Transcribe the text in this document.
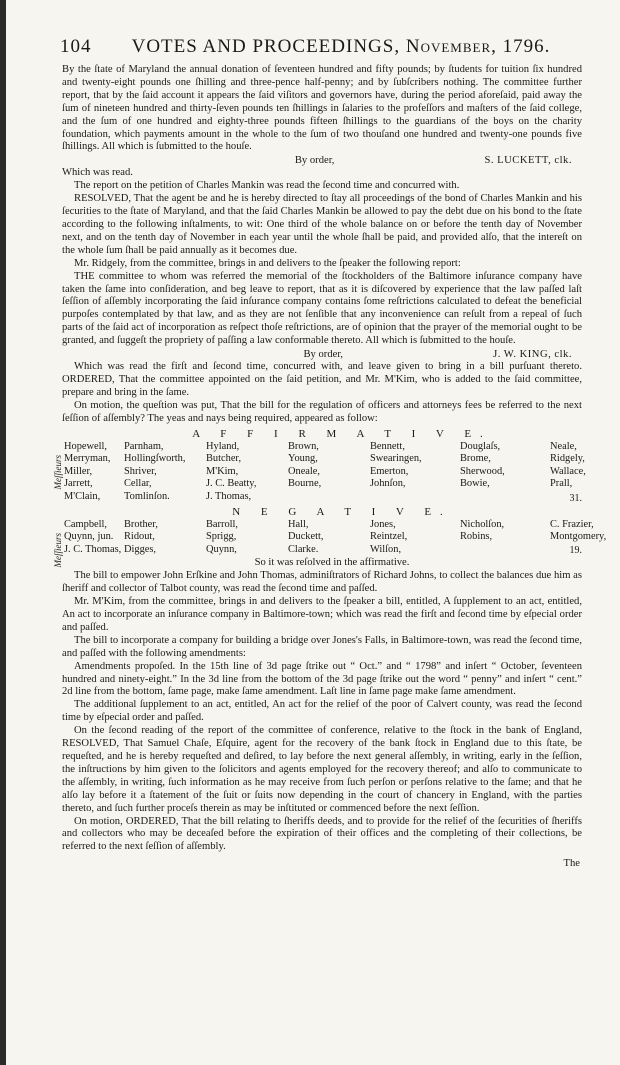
104	VOTES AND PROCEEDINGS, November, 1796.

By the ſtate of Maryland the annual donation of ſeventeen hundred and fifty pounds; by ſtudents for tuition ſix hundred and twenty-eight pounds one ſhilling and three-pence half-penny; and by ſubſcribers nothing. The committee further report, that by the ſaid account it appears the ſaid viſitors and governors have, during the period aforeſaid, paid away the ſum of nineteen hundred and thirty-ſeven pounds ten ſhillings in ſalaries to the profeſſors and maſters of the ſaid college, and the ſum of one hundred and eighty-three pounds fifteen ſhillings to the guardians of the boys on the charity foundation, which payments amount in the whole to the ſum of two thouſand one hundred and twenty-one pounds five ſhillings. All which is ſubmitted to the houſe.

By order,	S. LUCKETT, clk.

Which was read.

The report on the petition of Charles Mankin was read the ſecond time and concurred with.

RESOLVED, That the agent be and he is hereby directed to ſtay all proceedings of the bond of Charles Mankin and his ſecurities to the ſtate of Maryland, and that the ſaid Charles Mankin be allowed to pay the debt due on his bond to the ſtate according to the following inſtalments, to wit: One third of the whole balance on or before the tenth day of November next, and on the tenth day of November in each year until the whole ſhall be paid, and provided alſo, that the intereſt on the whole ſum ſhall be paid annually as it becomes due.

Mr. Ridgely, from the committee, brings in and delivers to the ſpeaker the following report:

THE committee to whom was referred the memorial of the ſtockholders of the Baltimore inſurance company have taken the ſame into conſideration, and beg leave to report, that as it is diſcovered by experience that the law paſſed laſt ſeſſion of aſſembly incorporating the ſaid inſurance company contains ſome reſtrictions calculated to defeat the beneficial purpoſes contemplated by that law, and as they are not ſenſible that any inconvenience can reſult from a repeal of ſuch parts of the ſaid act of incorporation as reſpect thoſe reſtrictions, are of opinion that the prayer of the memorial ought to be granted, and ſuggeſt the propriety of paſſing a law conformable thereto. All which is ſubmitted to the houſe.

By order,	J. W. KING, clk.

Which was read the firſt and ſecond time, concurred with, and leave given to bring in a bill purſuant thereto. ORDERED, That the committee appointed on the ſaid petition, and Mr. M'Kim, who is added to the ſaid committee, prepare and bring in the ſame.

On motion, the queſtion was put, That the bill for the regulation of officers and attorneys fees be referred to the next ſeſſion of aſſembly? The yeas and nays being required, appeared as follow:

A F F I R M A T I V E.
Meſſieurs
31.
Hopewell,	Parnham,	Hyland,	Brown,	Bennett,	Douglaſs,	Neale,
Merryman,	Hollingſworth,	Butcher,	Young,	Swearingen,	Brome,	Ridgely,
Miller,	Shriver,	M'Kim,	Oneale,	Emerton,	Sherwood,	Wallace,
Jarrett,	Cellar,	J. C. Beatty,	Bourne,	Johnſon,	Bowie,	Prall,
M'Clain,	Tomlinſon.	J. Thomas,
N E G A T I V E.
Meſſieurs	19.
Campbell,	Brother,	Barroll,	Hall,	Jones,	Nicholſon,	C. Frazier,
Quynn, jun.	Ridout,	Sprigg,	Duckett,	Reintzel,	Robins,	Montgomery,
J. C. Thomas, Digges,	Quynn,	Clarke.	Wilſon,
So it was reſolved in the affirmative.

The bill to empower John Erſkine and John Thomas, adminiſtrators of Richard Johns, to collect the balances due him as ſheriff and collector of Talbot county, was read the ſecond time and paſſed.

Mr. M'Kim, from the committee, brings in and delivers to the ſpeaker a bill, entitled, A ſupplement to an act, entitled, An act to incorporate an inſurance company in Baltimore-town; which was read the firſt and ſecond time by eſpecial order and paſſed.

The bill to incorporate a company for building a bridge over Jones's Falls, in Baltimore-town, was read the ſecond time, and paſſed with the following amendments:

Amendments propoſed. In the 15th line of 3d page ſtrike out “ Oct.” and “ 1798” and inſert “ October, ſeventeen hundred and ninety-eight.” In the 3d line from the bottom of the 3d page ſtrike out the word “ penny” and inſert “ cent.” 2d line from the bottom, ſame page, make ſame amendment. Laſt line in ſame page make ſame amendment.

The additional ſupplement to an act, entitled, An act for the relief of the poor of Calvert county, was read the ſecond time by eſpecial order and paſſed.

On the ſecond reading of the report of the committee of conference, relative to the ſtock in the bank of England, RESOLVED, That Samuel Chaſe, Eſquire, agent for the recovery of the bank ſtock in England due to this ſtate, be requeſted, and he is hereby requeſted and deſired, to lay before the next general aſſembly, in writing, early in the ſeſſion, the inſtructions by him given to the ſolicitors and agents employed for the recovery thereof; and alſo to communicate to the aſſembly, in writing, ſuch information as he may receive from ſuch perſon or perſons relative to the ſame; and that he alſo lay before it a ſtatement of the ſuit or ſuits now depending in the court of chancery in England, with the parties thereto, and ſuch further proceſs therein as may be inſtituted or commenced before the next ſeſſion.

On motion, ORDERED, That the bill relating to ſheriffs deeds, and to provide for the relief of the ſecurities of ſheriffs and collectors who may be deceaſed before the expiration of their offices and the completing of their collections, be referred to the next ſeſſion of aſſembly.

The
